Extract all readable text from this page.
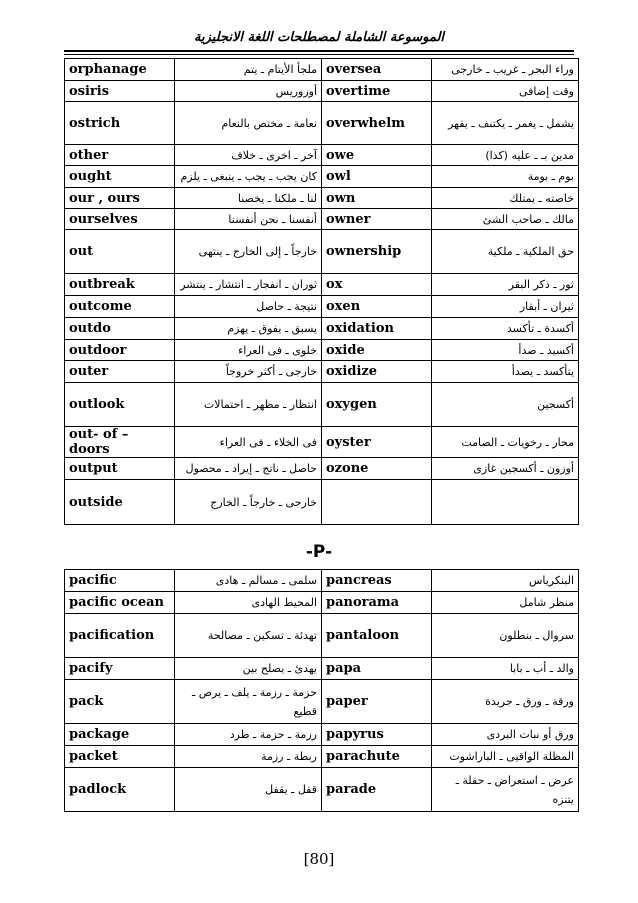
الموسوعة الشاملة لمصطلحات اللغة الانجليزية
orphanage	ملجأ الأيتام ـ يتم	oversea	وراء البحر ـ غريب ـ خارجى
osiris	أوزوريس	overtime	وقت إضافى
ostrich	نعامة ـ مختص بالنعام	overwhelm	يشمل ـ يغمر ـ يكتنف ـ يقهر
other	آخر ـ اخرى ـ خلاف	owe	مدين بـ ـ عليه (كذا)
ought	كان يجب ـ يجب ـ ينبغى ـ يلزم	owl	بوم ـ بومة
our , ours	لنا ـ ملكنا ـ يخصنا	own	خاصته ـ يمتلك
ourselves	أنفسنا ـ نحن أنفسنا	owner	مالك ـ صاحب الشئ
out	خارجاً ـ إلى الخارج ـ ينتهى	ownership	حق الملكية ـ ملكية
outbreak	ثوران ـ انفجار ـ انتشار ـ ينتشر	ox	ثور ـ ذكر البقر
outcome	نتيجة ـ حاصل	oxen	ثيران ـ أبقار
outdo	يسبق ـ يفوق ـ يهزم	oxidation	أكسدة ـ تأكسد
outdoor	خلوى ـ فى العراء	oxide	أكسيد ـ صدأ
outer	خارجى ـ أكثر خروجاً	oxidize	يتأكسد ـ يصدأ
outlook	انتظار ـ مظهر ـ احتمالات	oxygen	أكسجين
out- of – doors	فى الخلاء ـ فى العراء	oyster	محار ـ رخويات ـ الصامت
output	حاصل ـ ناتج ـ إيراد ـ محصول	ozone	أوزون ـ أكسجين غازى
outside	خارجى ـ خارجاً ـ الخارج		
-P-
pacific	سلمى ـ مسالم ـ هادى	pancreas	البنكرياس
pacific ocean	المحيط الهادى	panorama	منظر شامل
pacification	تهدئة ـ تسكين ـ مصالحة	pantaloon	سروال ـ بنطلون
pacify	يهدئ ـ يصلح بين	papa	والد ـ أب ـ بابا
pack	حزمة ـ رزمة ـ يلف ـ يرص ـ قطيع	paper	ورقة ـ ورق ـ جريدة
package	رزمة ـ حزمة ـ طرد	papyrus	ورق أو نبات البردى
packet	ربطة ـ رزمة	parachute	المظلة الواقيى ـ الباراشوت
padlock	قفل ـ يقفل	parade	عرض ـ استعراض ـ حفلة ـ يتنزه
[80]
